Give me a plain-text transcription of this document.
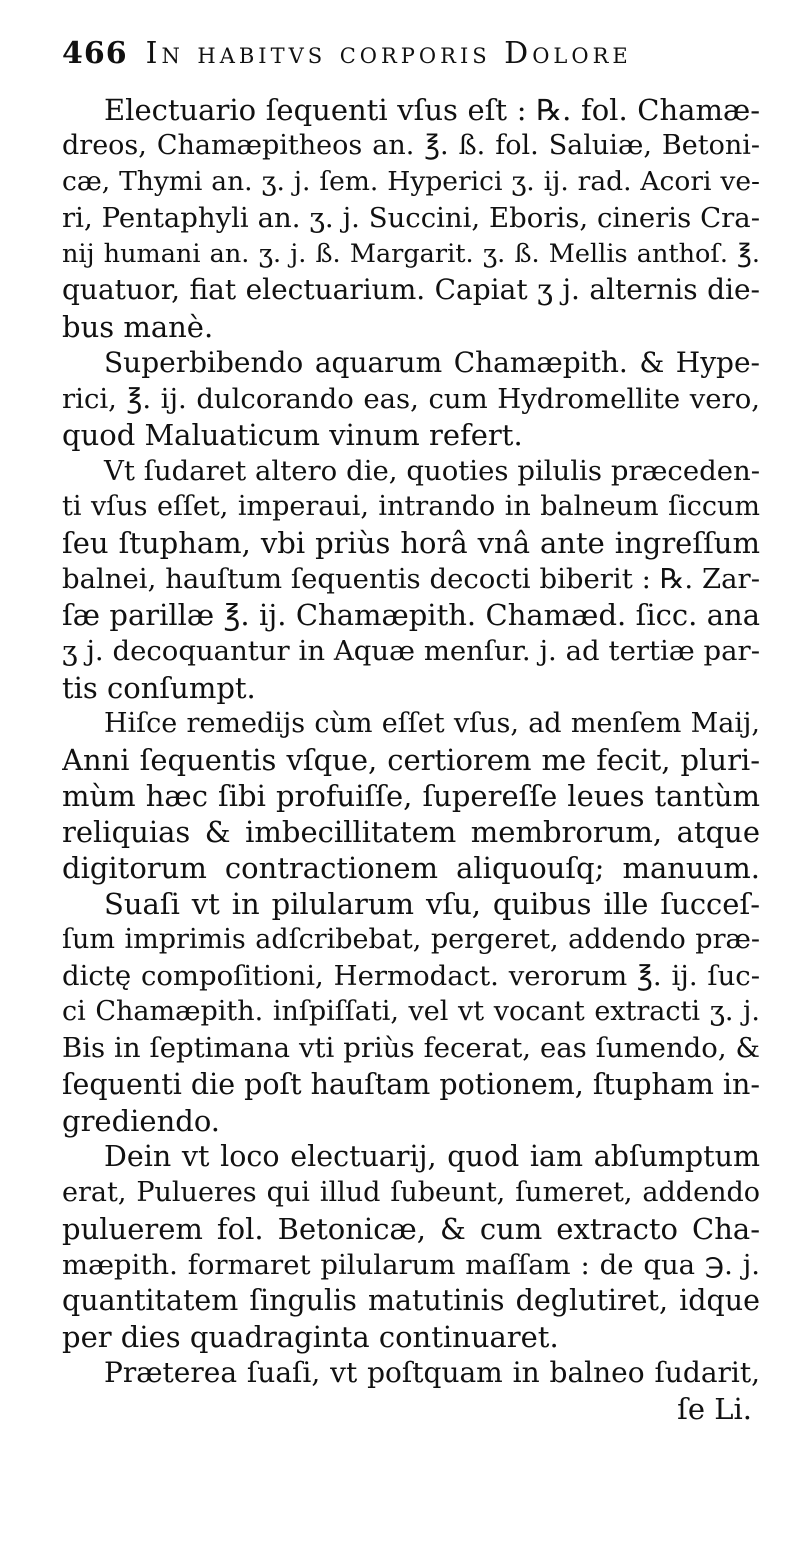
466 In habitvs corporis Dolore
Electuario ſequenti vſus eſt : ℞. fol. Chamæ-
dreos, Chamæpitheos an. ℥. ß. fol. Saluiæ, Betoni-
cæ, Thymi an. ʒ. j. ſem. Hyperici ʒ. ij. rad. Acori ve-
ri, Pentaphyli an. ʒ. j. Succini, Eboris, cineris Cra-
nij humani an. ʒ. j. ß. Margarit. ʒ. ß. Mellis anthoſ. ℥.
quatuor, fiat electuarium. Capiat ʒ j. alternis die-
bus manè.
Superbibendo aquarum Chamæpith. & Hype-
rici, ℥. ij. dulcorando eas, cum Hydromellite vero,
quod Maluaticum vinum refert.
Vt ſudaret altero die, quoties pilulis præceden-
ti vſus eſſet, imperaui, intrando in balneum ſiccum
ſeu ſtupham, vbi priùs horâ vnâ ante ingreſſum
balnei, hauſtum ſequentis decocti biberit : ℞. Zar-
ſæ parillæ ℥. ij. Chamæpith. Chamæd. ſicc. ana
ʒ j. decoquantur in Aquæ menſur. j. ad tertiæ par-
tis conſumpt.
Hiſce remedijs cùm eſſet vſus, ad menſem Maij,
Anni ſequentis vſque, certiorem me fecit, pluri-
mùm hæc ſibi profuiſſe, ſupereſſe leues tantùm
reliquias & imbecillitatem membrorum, atque
digitorum contractionem aliquouſq; manuum.
Suaſi vt in pilularum vſu, quibus ille ſucceſ-
ſum imprimis adſcribebat, pergeret, addendo præ-
dictę compoſitioni, Hermodact. verorum ℥. ij. ſuc-
ci Chamæpith. inſpiſſati, vel vt vocant extracti ʒ. j.
Bis in ſeptimana vti priùs fecerat, eas ſumendo, &
ſequenti die poſt hauſtam potionem, ſtupham in-
grediendo.
Dein vt loco electuarij, quod iam abſumptum
erat, Pulueres qui illud ſubeunt, ſumeret, addendo
puluerem fol. Betonicæ, & cum extracto Cha-
mæpith. formaret pilularum maſſam : de qua ℈. j.
quantitatem ſingulis matutinis deglutiret, idque
per dies quadraginta continuaret.
Præterea ſuaſi, vt poſtquam in balneo ſudarit,
ſe Li.
